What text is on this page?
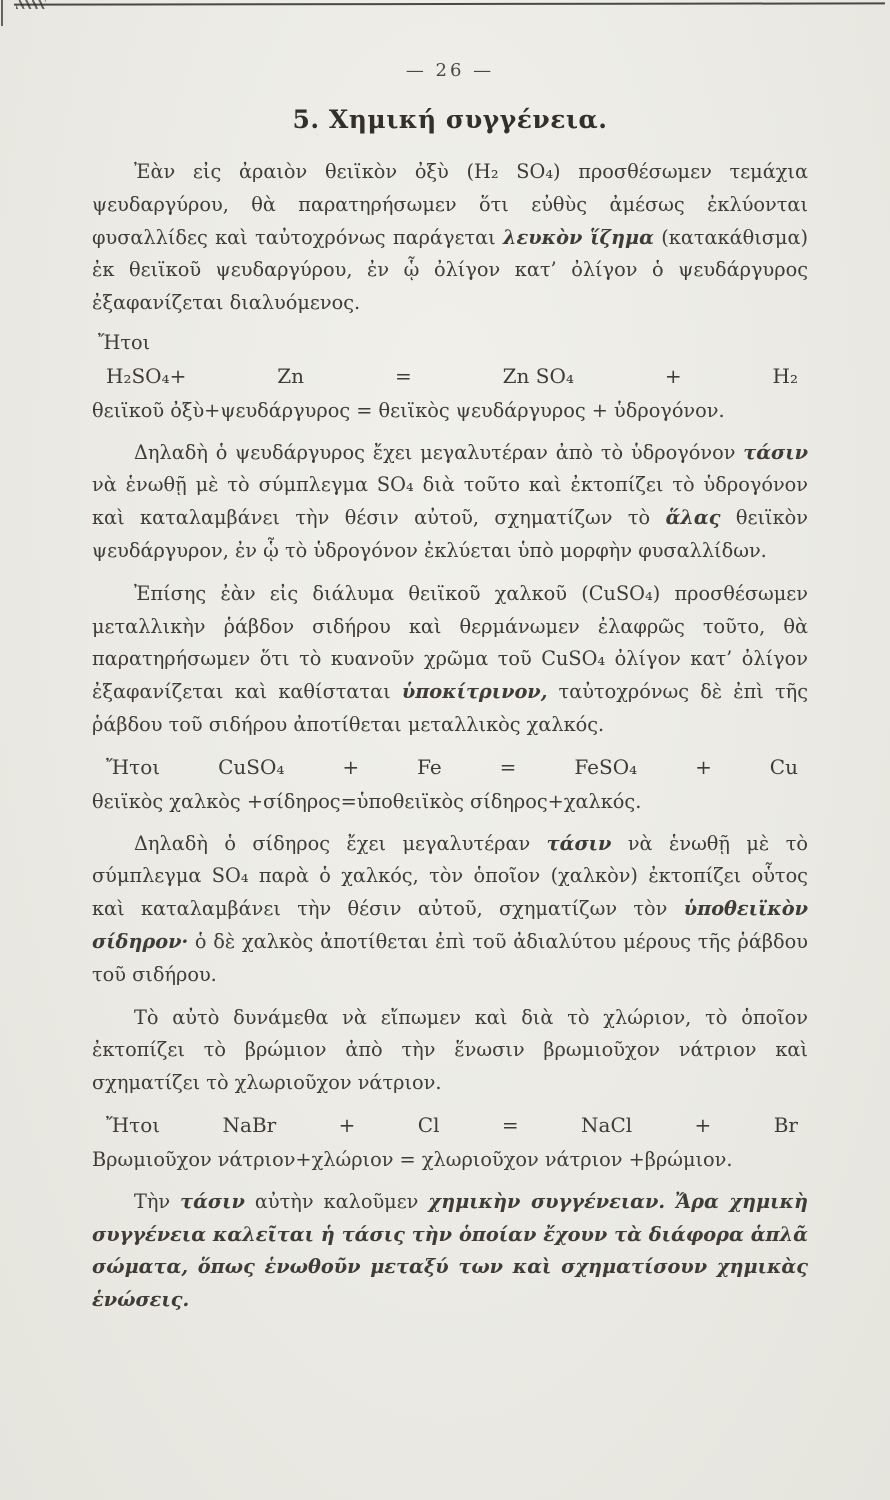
— 26 —
5. Χημική συγγένεια.

Ἐὰν εἰς ἀραιὸν θειϊκὸν ὀξὺ (H₂ SO₄) προσθέσωμεν τεμάχια ψευδαργύρου, θὰ παρατηρήσωμεν ὅτι εὐθὺς ἀμέσως ἐκλύονται φυσαλλίδες καὶ ταὐτοχρόνως παράγεται λευκὸν ἵζημα (κατακάθισμα) ἐκ θειϊκοῦ ψευδαργύρου, ἐν ᾧ ὀλίγον κατ’ ὀλίγον ὁ ψευδάργυρος ἐξαφανίζεται διαλυόμενος.

Ἤτοι
H₂SO₄+	Zn	=	Zn SO₄	+	H₂
θειϊκοῦ ὀξὺ+ψευδάργυρος = θειϊκὸς ψευδάργυρος + ὑδρογόνον.

Δηλαδὴ ὁ ψευδάργυρος ἔχει μεγαλυτέραν ἀπὸ τὸ ὑδρογόνον τάσιν νὰ ἑνωθῇ μὲ τὸ σύμπλεγμα SO₄ διὰ τοῦτο καὶ ἐκτοπίζει τὸ ὑδρογόνον καὶ καταλαμβάνει τὴν θέσιν αὐτοῦ, σχηματίζων τὸ ἅλας θειϊκὸν ψευδάργυρον, ἐν ᾧ τὸ ὑδρογόνον ἐκλύεται ὑπὸ μορφὴν φυσαλλίδων.

Ἐπίσης ἐὰν εἰς διάλυμα θειϊκοῦ χαλκοῦ (CuSO₄) προσθέσωμεν μεταλλικὴν ῥάβδον σιδήρου καὶ θερμάνωμεν ἐλαφρῶς τοῦτο, θὰ παρατηρήσωμεν ὅτι τὸ κυανοῦν χρῶμα τοῦ CuSO₄ ὀλίγον κατ’ ὀλίγον ἐξαφανίζεται καὶ καθίσταται ὑποκίτρινον, ταὐτοχρόνως δὲ ἐπὶ τῆς ῥάβδου τοῦ σιδήρου ἀποτίθεται μεταλλικὸς χαλκός.

Ἤτοι	CuSO₄	+	Fe	=	FeSO₄	+	Cu
θειϊκὸς χαλκὸς +σίδηρος=ὑποθειϊκὸς σίδηρος+χαλκός.

Δηλαδὴ ὁ σίδηρος ἔχει μεγαλυτέραν τάσιν νὰ ἑνωθῇ μὲ τὸ σύμπλεγμα SO₄ παρὰ ὁ χαλκός, τὸν ὁποῖον (χαλκὸν) ἐκτοπίζει οὗτος καὶ καταλαμβάνει τὴν θέσιν αὐτοῦ, σχηματίζων τὸν ὑποθειϊκὸν σίδηρον· ὁ δὲ χαλκὸς ἀποτίθεται ἐπὶ τοῦ ἀδιαλύτου μέρους τῆς ῥάβδου τοῦ σιδήρου.

Τὸ αὐτὸ δυνάμεθα νὰ εἴπωμεν καὶ διὰ τὸ χλώριον, τὸ ὁποῖον ἐκτοπίζει τὸ βρώμιον ἀπὸ τὴν ἕνωσιν βρωμιοῦχον νάτριον καὶ σχηματίζει τὸ χλωριοῦχον νάτριον.

Ἤτοι	NaBr	+	Cl	=	NaCl	+	Br
Βρωμιοῦχον νάτριον+χλώριον = χλωριοῦχον νάτριον +βρώμιον.

Τὴν τάσιν αὐτὴν καλοῦμεν χημικὴν συγγένειαν. Ἄρα χημικὴ συγγένεια καλεῖται ἡ τάσις τὴν ὁποίαν ἔχουν τὰ διάφορα ἁπλᾶ σώματα, ὅπως ἑνωθοῦν μεταξύ των καὶ σχηματίσουν χημικὰς ἑνώσεις.
